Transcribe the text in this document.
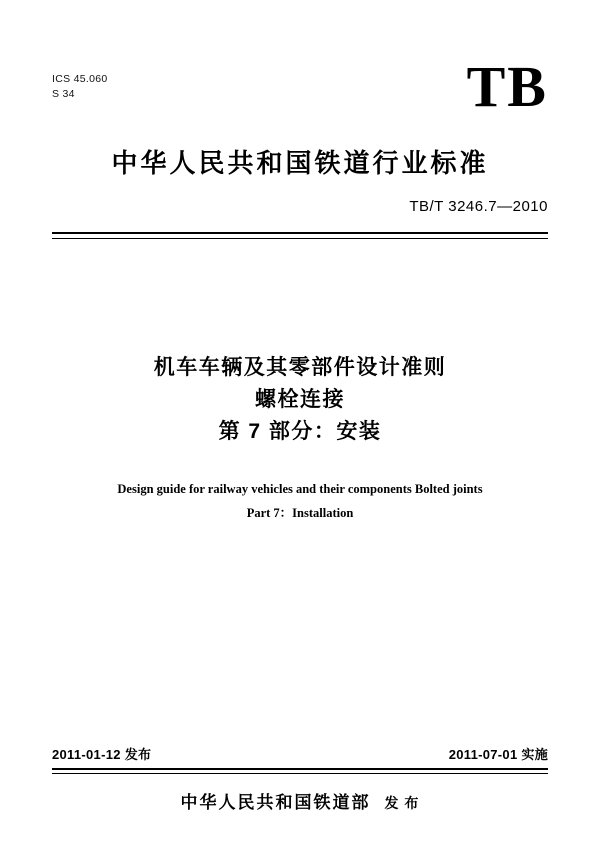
ICS 45.060
S 34	TB
中华人民共和国铁道行业标准
TB/T 3246.7—2010
机车车辆及其零部件设计准则
螺栓连接
第 7 部分：安装
Design guide for railway vehicles and their components Bolted joints
Part 7：Installation
2011-01-12 发布	2011-07-01 实施
中华人民共和国铁道部 发 布
